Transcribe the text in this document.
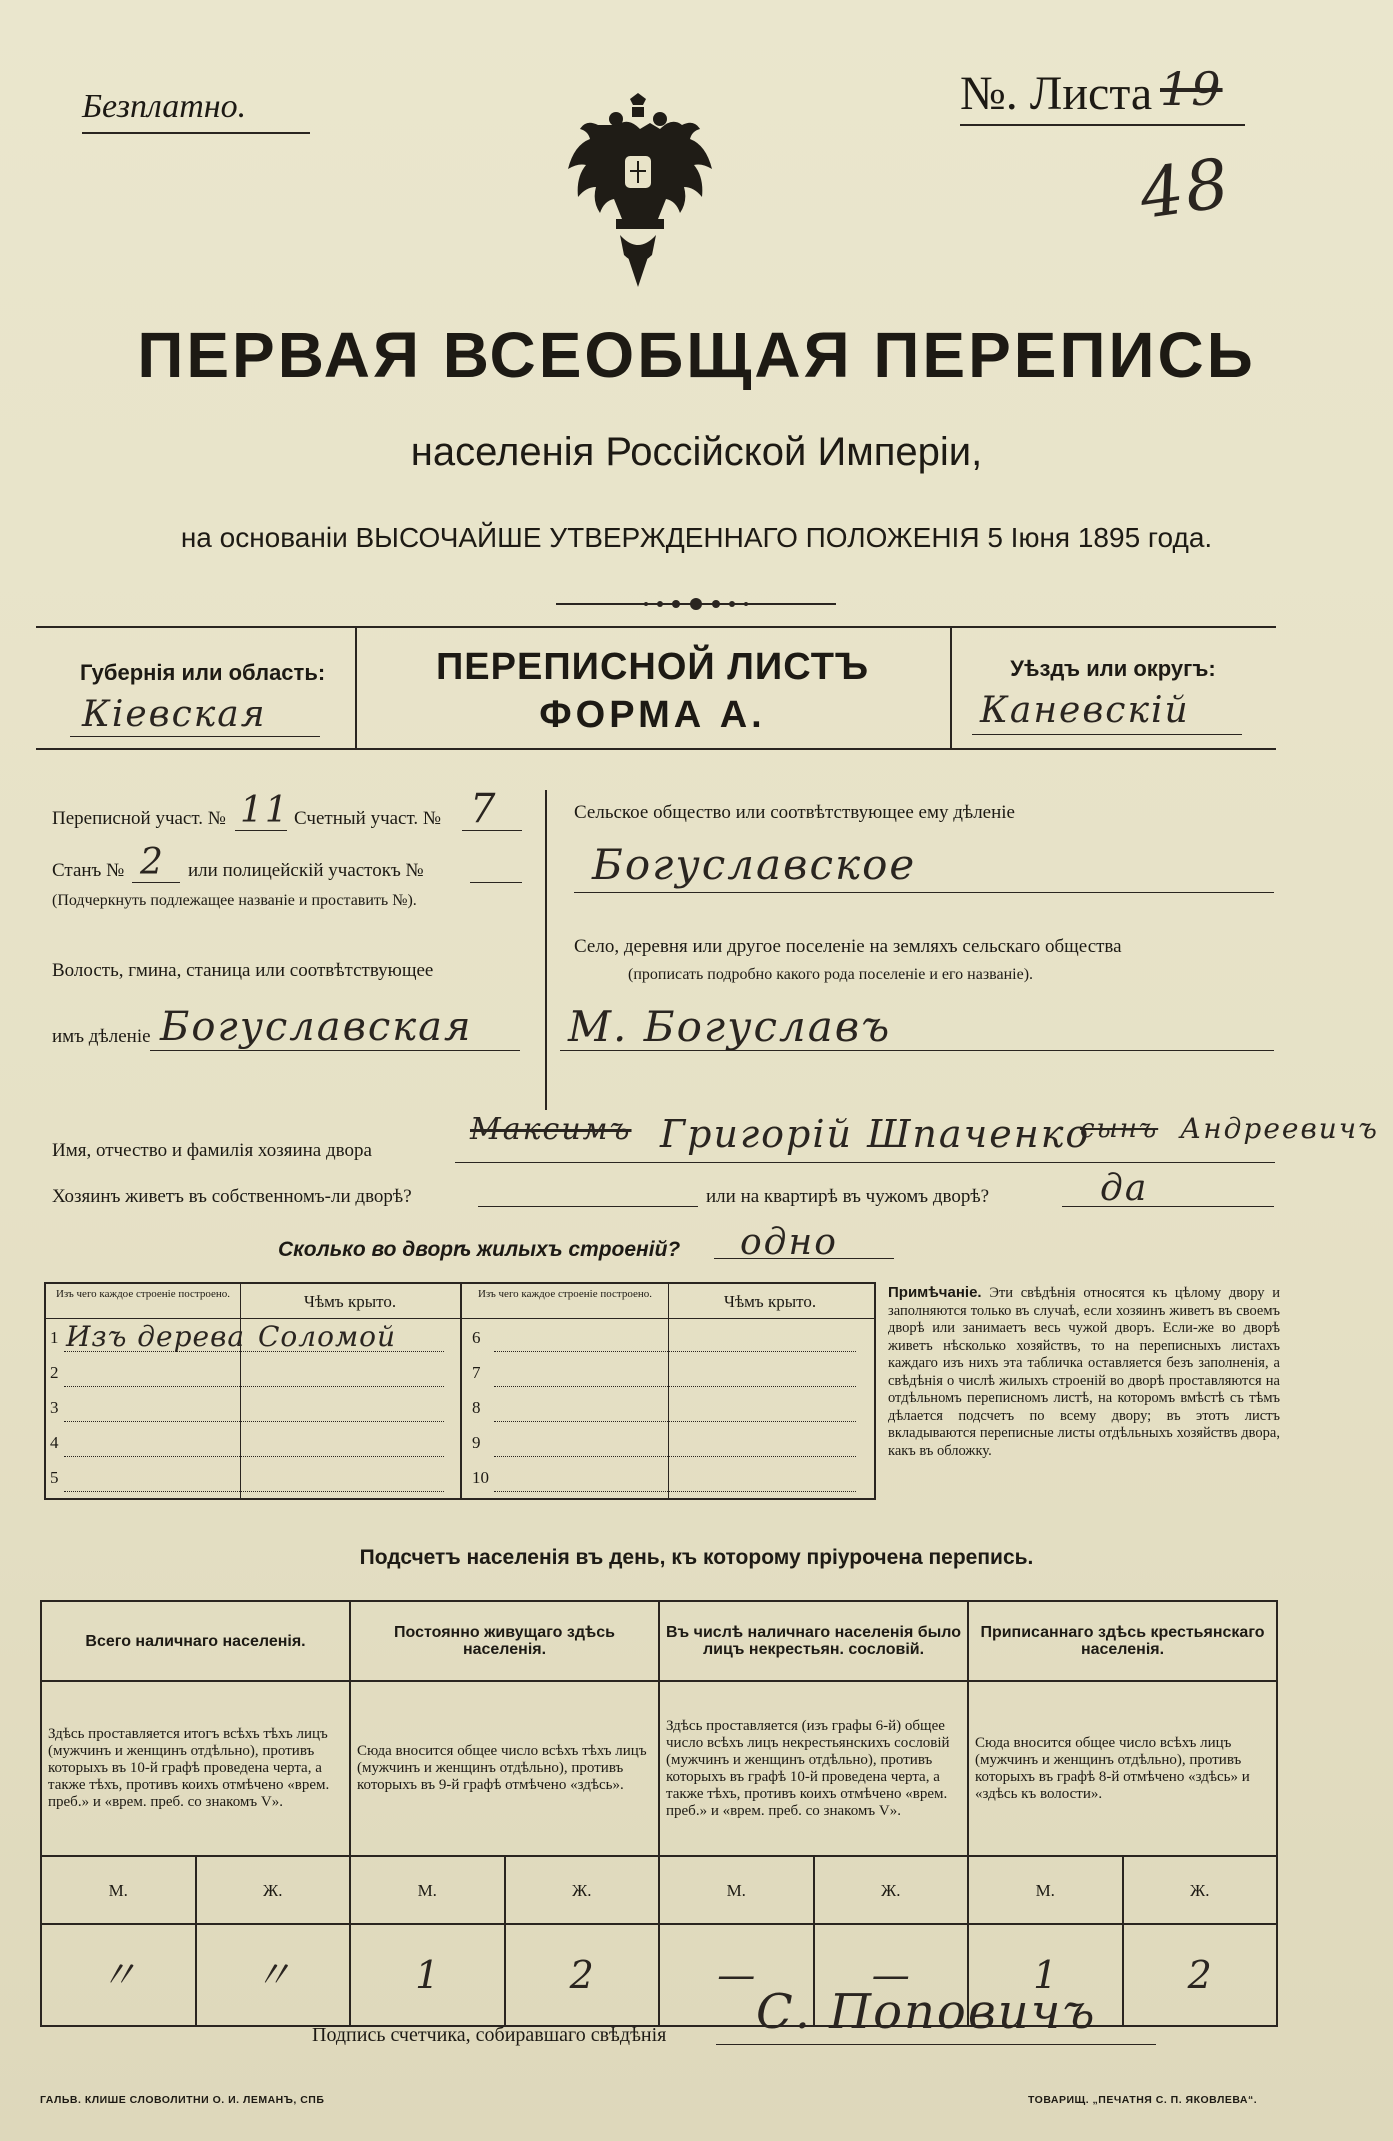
Безплатно.	№. Листа 19
48
ПЕРВАЯ ВСЕОБЩАЯ ПЕРЕПИСЬ
населенія Россійской Имперіи,
на основаніи ВЫСОЧАЙШЕ УТВЕРЖДЕННАГО ПОЛОЖЕНІЯ 5 Іюня 1895 года.
Губернія или область:
Кіевская
ПЕРЕПИСНОЙ ЛИСТЪ
ФОРМА А.
Уѣздъ или округъ:
Каневскій
Переписной участ. № 11 Счетный участ. № 7
Станъ № 2 или полицейскій участокъ №
(Подчеркнуть подлежащее названіе и проставить №).
Волость, гмина, станица или соотвѣтствующее
имъ дѣленіе Богуславская
Сельское общество или соотвѣтствующее ему дѣленіе
Богуславское
Село, деревня или другое поселеніе на земляхъ сельскаго общества
(прописать подробно какого рода поселеніе и его названіе).
М. Богуславъ
Имя, отчество и фамилія хозяина двора
Максимъ Григорій Шпаченко
сынъ Андреевичъ
Хозяинъ живетъ въ собственномъ-ли дворѣ?	или на квартирѣ въ чужомъ дворѣ?	да
Сколько во дворѣ жилыхъ строеній? одно
Изъ чего каждое строеніе построено.	Чѣмъ крыто.	Изъ чего каждое строеніе построено.	Чѣмъ крыто.
1 Изъ дерева Соломой
2
3
4
5
6
7
8
9
10
Примѣчаніе. Эти свѣдѣнія относятся къ цѣлому двору и заполняются только въ случаѣ, если хозяинъ живетъ въ своемъ дворѣ или занимаетъ весь чужой дворъ. Если-же во дворѣ живетъ нѣсколько хозяйствъ, то на переписныхъ листахъ каждаго изъ нихъ эта табличка оставляется безъ заполненія, а свѣдѣнія о числѣ жилыхъ строеній во дворѣ проставляются на отдѣльномъ переписномъ листѣ, на которомъ вмѣстѣ съ тѣмъ дѣлается подсчетъ по всему двору; въ этотъ листъ вкладываются переписные листы отдѣльныхъ хозяйствъ двора, какъ въ обложку.
Подсчетъ населенія въ день, къ которому пріурочена перепись.
Всего наличнаго населенія.		Постоянно живущаго здѣсь населенія.		Въ числѣ наличнаго населенія было лицъ некрестьян. сословій.		Приписаннаго здѣсь крестьянскаго населенія.	
Здѣсь проставляется итогъ всѣхъ тѣхъ лицъ (мужчинъ и женщинъ отдѣльно), противъ которыхъ въ 10-й графѣ проведена черта, а также тѣхъ, противъ коихъ отмѣчено «врем. преб.» и «врем. преб. со знакомъ V».		Сюда вносится общее число всѣхъ тѣхъ лицъ (мужчинъ и женщинъ отдѣльно), противъ которыхъ въ 9-й графѣ отмѣчено «здѣсь».		Здѣсь проставляется (изъ графы 6-й) общее число всѣхъ лицъ некрестьянскихъ сословій (мужчинъ и женщинъ отдѣльно), противъ которыхъ въ графѣ 10-й проведена черта, а также тѣхъ, противъ коихъ отмѣчено «врем. преб.» и «врем. преб. со знакомъ V».		Сюда вносится общее число всѣхъ лицъ (мужчинъ и женщинъ отдѣльно), противъ которыхъ въ графѣ 8-й отмѣчено «здѣсь» и «здѣсь къ волости».	
М.	Ж.	М.	Ж.	М.	Ж.	М.	Ж.
〃	〃	1	2	—	—	1	2
Подпись счетчика, собиравшаго свѣдѣнія С. Поповичъ
ГАЛЬВ. КЛИШЕ СЛОВОЛИТНИ О. И. ЛЕМАНЪ, СПБ	ТОВАРИЩ. „ПЕЧАТНЯ С. П. ЯКОВЛЕВА“.
